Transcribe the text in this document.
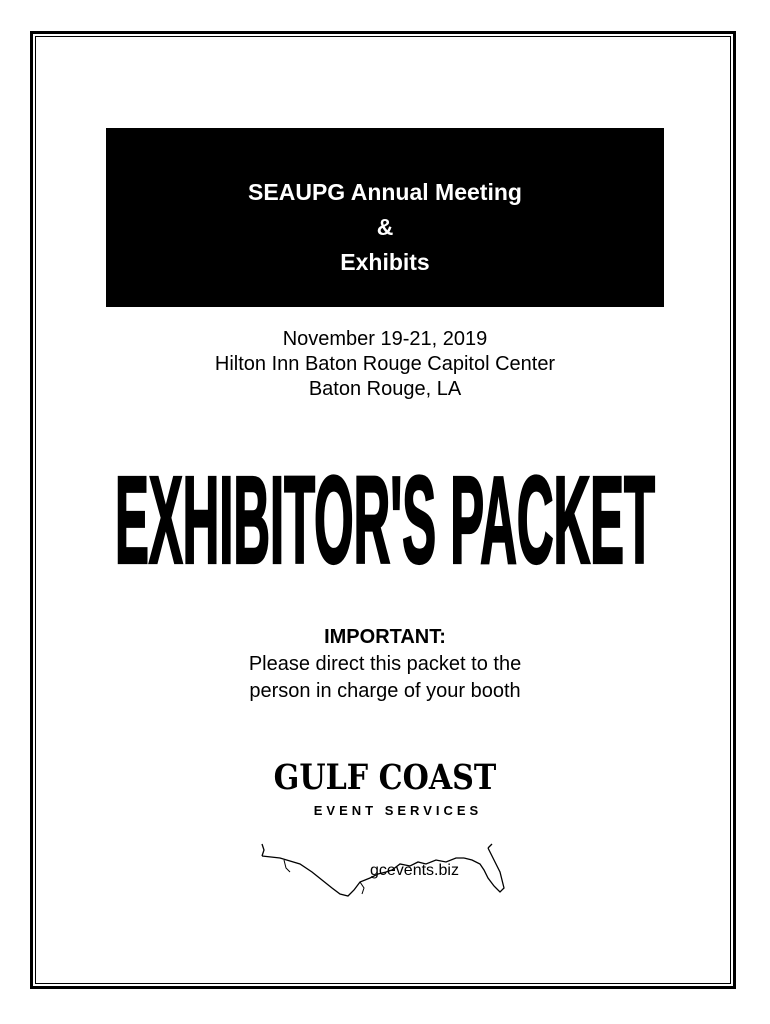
SEAUPG Annual Meeting
&
Exhibits
November 19-21, 2019
Hilton Inn Baton Rouge Capitol Center
Baton Rouge, LA
EXHIBITOR'S PACKET
IMPORTANT:
Please direct this packet to the
person in charge of your booth
GULF COAST
EVENT SERVICES
gcevents.biz
